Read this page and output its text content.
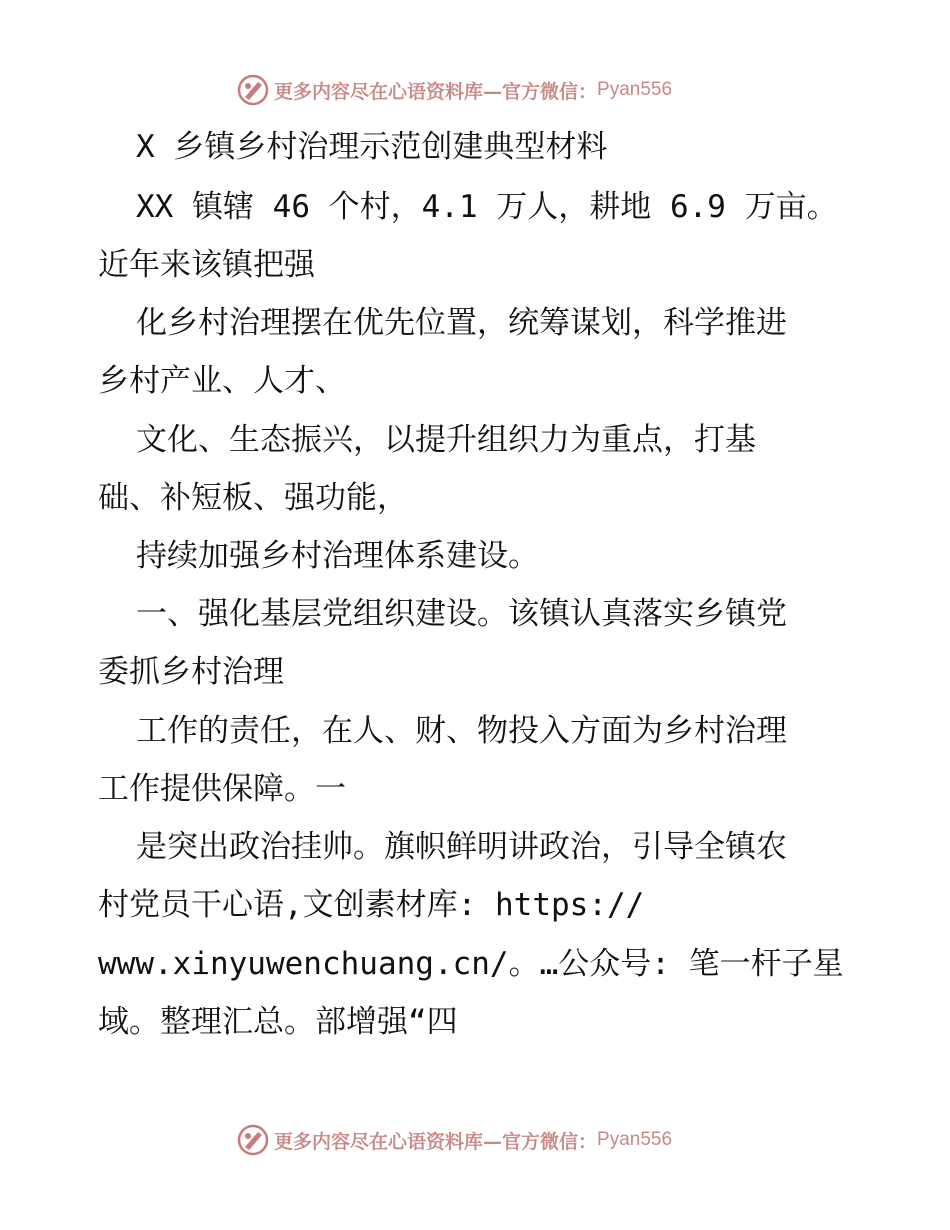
更多内容尽在心语资料库—官方微信： Pyan556
X 乡镇乡村治理示范创建典型材料
XX 镇辖 46 个村，4.1 万人，耕地 6.9 万亩。
近年来该镇把强
化乡村治理摆在优先位置，统筹谋划，科学推进
乡村产业、人才、
文化、生态振兴，以提升组织力为重点，打基
础、补短板、强功能，
持续加强乡村治理体系建设。
一、强化基层党组织建设。该镇认真落实乡镇党
委抓乡村治理
工作的责任，在人、财、物投入方面为乡村治理
工作提供保障。一
是突出政治挂帅。旗帜鲜明讲政治，引导全镇农
村党员干心语,文创素材库: https://
www.xinyuwenchuang.cn/。…公众号: 笔一杆子星
域。整理汇总。部增强“四
更多内容尽在心语资料库—官方微信： Pyan556
